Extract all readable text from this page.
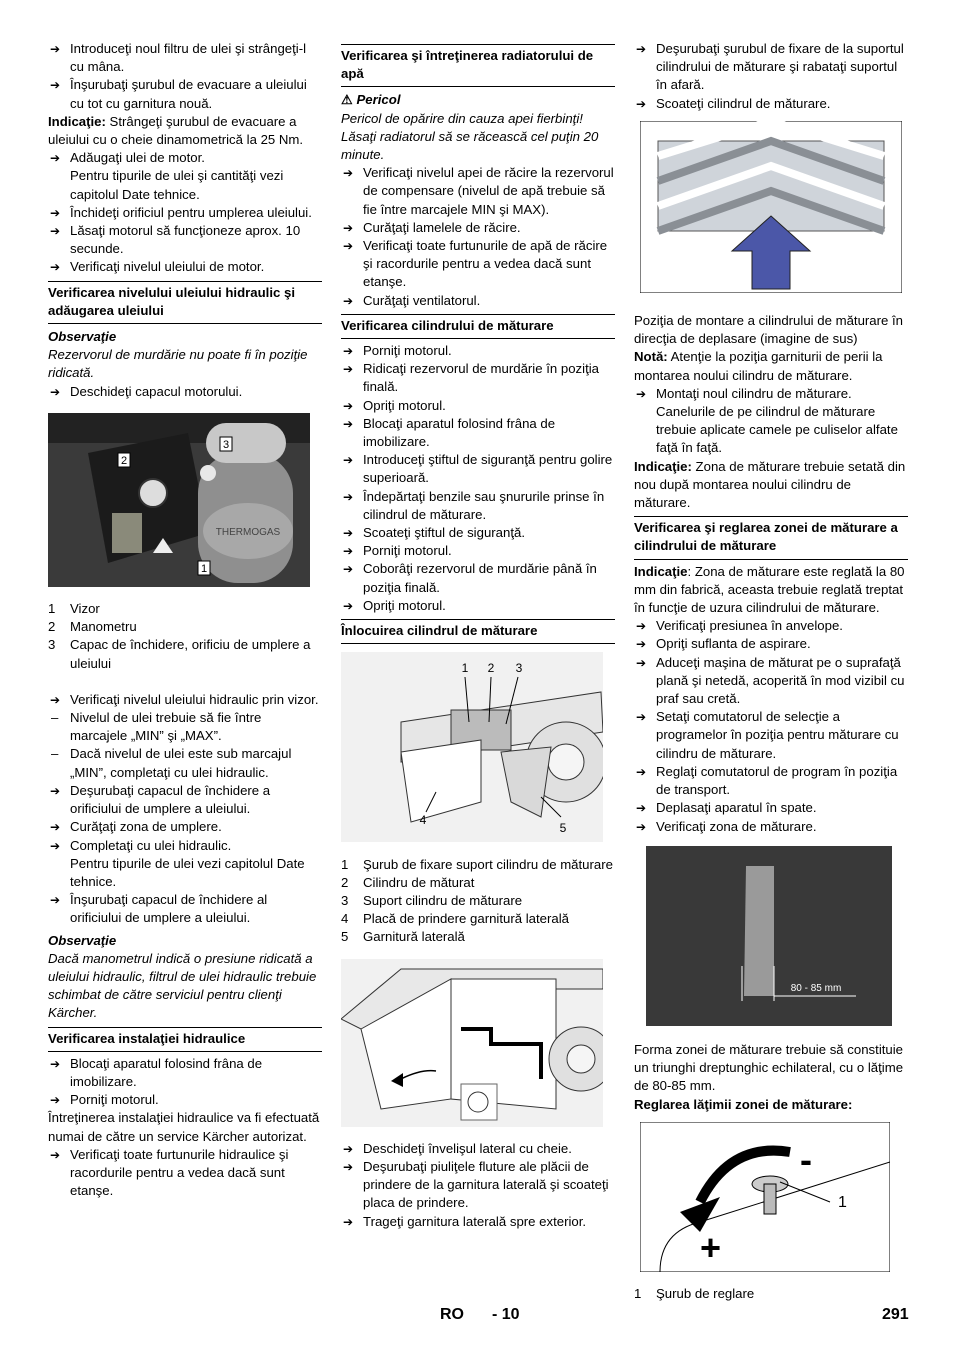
➔ Introduceţi noul filtru de ulei şi strângeţi-l cu mâna.
➔ Înşurubaţi şurubul de evacuare a uleiului cu tot cu garnitura nouă.

Indicaţie: Strângeţi şurubul de evacuare a uleiului cu o cheie dinamometrică la 25 Nm.

➔ Adăugaţi ulei de motor.
Pentru tipurile de ulei şi cantităţi vezi capitolul Date tehnice.
➔ Închideţi orificiul pentru umplerea uleiului.
➔ Lăsaţi motorul să funcţioneze aprox. 10 secunde.
➔ Verificaţi nivelul uleiului de motor.
Verificarea nivelului uleiului hidraulic şi adăugarea uleiului
Observaţie

Rezervorul de murdărie nu poate fi în poziţie ridicată.

➔ Deschideţi capacul motorului.
THERMOGAS
1
2
3
1 Vizor
2 Manometru
3 Capac de închidere, orificiu de umplere a uleiului
➔ Verificaţi nivelul uleiului hidraulic prin vizor.
– Nivelul de ulei trebuie să fie între marcajele „MIN” şi „MAX”.
– Dacă nivelul de ulei este sub marcajul „MIN”, completaţi cu ulei hidraulic.
➔ Deşurubaţi capacul de închidere a orificiului de umplere a uleiului.
➔ Curăţaţi zona de umplere.
➔ Completaţi cu ulei hidraulic.
Pentru tipurile de ulei vezi capitolul Date tehnice.
➔ Înşurubaţi capacul de închidere al orificiului de umplere a uleiului.
Observaţie

Dacă manometrul indică o presiune ridicată a uleiului hidraulic, filtrul de ulei hidraulic trebuie schimbat de către serviciul pentru clienţi Kärcher.

Verificarea instalaţiei hidraulice
➔ Blocaţi aparatul folosind frâna de imobilizare.
➔ Porniţi motorul.

Întreţinerea instalaţiei hidraulice va fi efectuată numai de către un service Kärcher autorizat.

➔ Verificaţi toate furtunurile hidraulice şi racordurile pentru a vedea dacă sunt etanşe.
Verificarea şi întreţinerea radiatorului de apă
⚠ Pericol

Pericol de opărire din cauza apei fierbinţi! Lăsaţi radiatorul să se răcească cel puţin 20 minute.

➔ Verificaţi nivelul apei de răcire la rezervorul de compensare (nivelul de apă trebuie să fie între marcajele MIN şi MAX).
➔ Curăţaţi lamelele de răcire.
➔ Verificaţi toate furtunurile de apă de răcire şi racordurile pentru a vedea dacă sunt etanşe.
➔ Curăţaţi ventilatorul.
Verificarea cilindrului de măturare
➔ Porniţi motorul.
➔ Ridicaţi rezervorul de murdărie în poziţia finală.
➔ Opriţi motorul.
➔ Blocaţi aparatul folosind frâna de imobilizare.
➔ Introduceţi ştiftul de siguranţă pentru golire superioară.
➔ Îndepărtaţi benzile sau şnururile prinse în cilindrul de măturare.
➔ Scoateţi ştiftul de siguranţă.
➔ Porniţi motorul.
➔ Coborâţi rezervorul de murdărie până în poziţia finală.
➔ Opriţi motorul.
Înlocuirea cilindrul de măturare
1 2 3
4
5
1 Şurub de fixare suport cilindru de măturare
2 Cilindru de măturat
3 Suport cilindru de măturare
4 Placă de prindere garnitură laterală
5 Garnitură laterală
➔ Deschideţi învelişul lateral cu cheie.
➔ Deşurubaţi piuliţele fluture ale plăcii de prindere de la garnitura laterală şi scoateţi placa de prindere.
➔ Trageţi garnitura laterală spre exterior.
➔ Deşurubaţi şurubul de fixare de la suportul cilindrului de măturare şi rabataţi suportul în afară.
➔ Scoateţi cilindrul de măturare.

Poziţia de montare a cilindrului de măturare în direcţia de deplasare (imagine de sus)

Notă: Atenţie la poziţia garniturii de perii la montarea noului cilindru de măturare.

➔ Montaţi noul cilindru de măturare. Canelurile de pe cilindrul de măturare trebuie aplicate camele pe culiselor alfate faţă în faţă.

Indicaţie: Zona de măturare trebuie setată din nou după montarea noului cilindru de măturare.

Verificarea şi reglarea zonei de măturare a cilindrului de măturare

Indicaţie: Zona de măturare este reglată la 80 mm din fabrică, aceasta trebuie reglată treptat în funcţie de uzura cilindrului de măturare.

➔ Verificaţi presiunea în anvelope.
➔ Opriţi suflanta de aspirare.
➔ Aduceţi maşina de măturat pe o suprafaţă plană şi netedă, acoperită în mod vizibil cu praf sau cretă.
➔ Setaţi comutatorul de selecţie a programelor în poziţia pentru măturare cu cilindru de măturare.
➔ Reglaţi comutatorul de program în poziţia de transport.
➔ Deplasaţi aparatul în spate.
➔ Verificaţi zona de măturare.
80 - 85 mm

Forma zonei de măturare trebuie să constituie un triunghi dreptunghic echilateral, cu o lăţime de 80-85 mm.

Reglarea lăţimii zonei de măturare:

1
-
+
1 Şurub de reglare
RO - 10	291
